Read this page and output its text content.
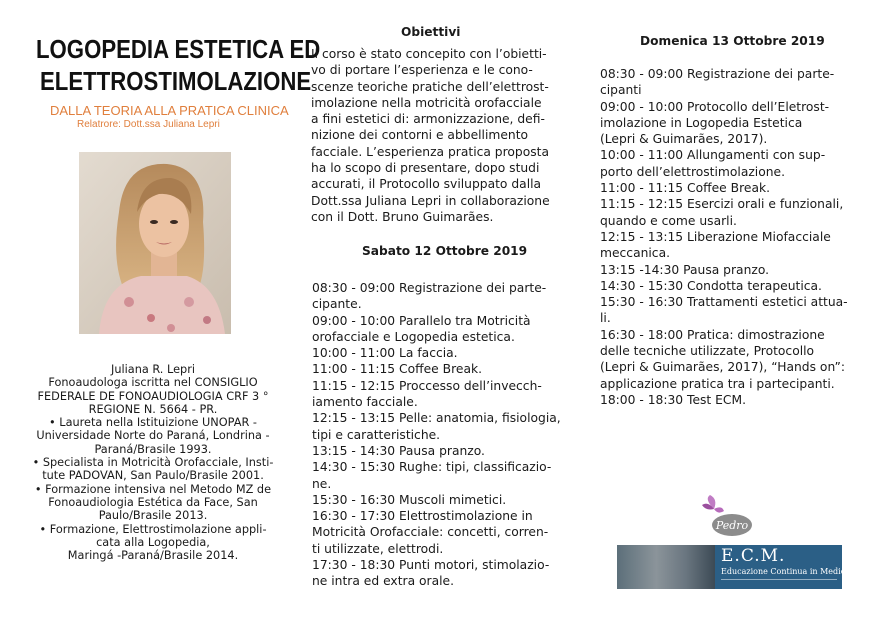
LOGOPEDIA ESTETICA ED
ELETTROSTIMOLAZIONE
DALLA TEORIA ALLA PRATICA CLINICA
Relatrore: Dott.ssa Juliana Lepri
Juliana R. Lepri
Fonoaudologa iscritta nel CONSIGLIO
FEDERALE DE FONOAUDIOLOGIA CRF 3 °
REGIONE N. 5664 - PR.
• Laureta nella Istituizione UNOPAR -
Universidade Norte do Paraná, Londrina -
Paraná/Brasile 1993.
• Specialista in Motricità Orofacciale, Insti-
tute PADOVAN, San Paulo/Brasile 2001.
• Formazione intensiva nel Metodo MZ de
Fonoaudiologia Estética da Face, San
Paulo/Brasile 2013.
• Formazione, Elettrostimolazione appli-
cata alla Logopedia,
Maringá -Paraná/Brasile 2014.
Obiettivi
Il corso è stato concepito con l’obietti-
vo di portare l’esperienza e le cono-
scenze teoriche pratiche dell’elettrost-
imolazione nella motricità orofacciale
a fini estetici di: armonizzazione, defi-
nizione dei contorni e abbellimento
facciale. L’esperienza pratica proposta
ha lo scopo di presentare, dopo studi
accurati, il Protocollo sviluppato dalla
Dott.ssa Juliana Lepri in collaborazione
con il Dott. Bruno Guimarães.
Sabato 12 Ottobre 2019
08:30 - 09:00 Registrazione dei parte-
cipante.
09:00 - 10:00 Parallelo tra Motricità
orofacciale e Logopedia estetica.
10:00 - 11:00 La faccia.
11:00 - 11:15 Coffee Break.
11:15 - 12:15 Proccesso dell’invecch-
iamento facciale.
12:15 - 13:15 Pelle: anatomia, fisiologia,
tipi e caratteristiche.
13:15 - 14:30 Pausa pranzo.
14:30 - 15:30 Rughe: tipi, classificazio-
ne.
15:30 - 16:30 Muscoli mimetici.
16:30 - 17:30 Elettrostimolazione in
Motricità Orofacciale: concetti, corren-
ti utilizzate, elettrodi.
17:30 - 18:30 Punti motori, stimolazio-
ne intra ed extra orale.
Domenica 13 Ottobre 2019
08:30 - 09:00 Registrazione dei parte-
cipanti
09:00 - 10:00 Protocollo dell’Eletrost-
imolazione in Logopedia Estetica
(Lepri & Guimarães, 2017).
10:00 - 11:00 Allungamenti con sup-
porto dell’elettrostimolazione.
11:00 - 11:15 Coffee Break.
11:15 - 12:15 Esercizi orali e funzionali,
quando e come usarli.
12:15 - 13:15 Liberazione Miofacciale
meccanica.
13:15 -14:30 Pausa pranzo.
14:30 - 15:30 Condotta terapeutica.
15:30 - 16:30 Trattamenti estetici attua-
li.
16:30 - 18:00 Pratica: dimostrazione
delle tecniche utilizzate, Protocollo
(Lepri & Guimarães, 2017), “Hands on”:
applicazione pratica tra i partecipanti.
18:00 - 18:30 Test ECM.
Pedro
E.C.M.
Educazione Continua in Medicina
